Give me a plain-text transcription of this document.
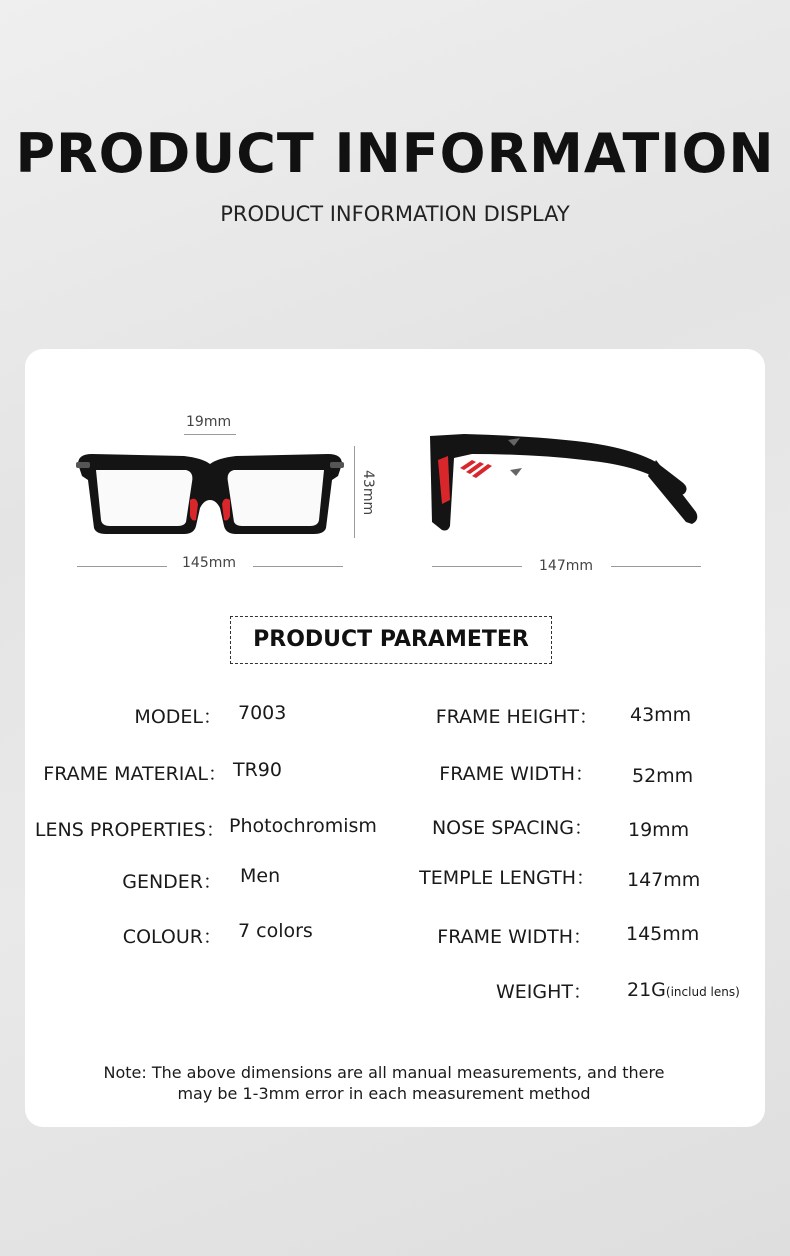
PRODUCT INFORMATION
PRODUCT INFORMATION DISPLAY
19mm
43mm
145mm	147mm
PRODUCT PARAMETER
MODEL： 7003
FRAME MATERIAL： TR90
LENS PROPERTIES： Photochromism
GENDER： Men
COLOUR： 7 colors
FRAME HEIGHT： 43mm
FRAME WIDTH： 52mm
NOSE SPACING： 19mm
TEMPLE LENGTH： 147mm
FRAME WIDTH： 145mm
WEIGHT： 21G(includ lens)
Note: The above dimensions are all manual measurements, and there
may be 1-3mm error in each measurement method
